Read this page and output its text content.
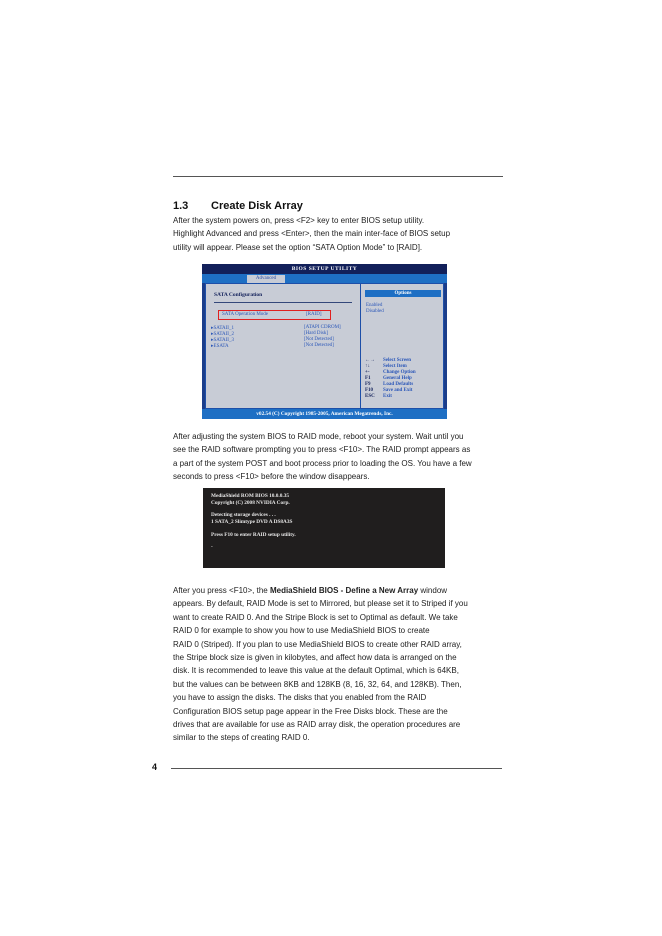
1.3 Create Disk Array
After the system powers on, press <F2> key to enter BIOS setup utility.
Highlight Advanced and press <Enter>, then the main inter-face of BIOS setup
utility will appear. Please set the option “SATA Option Mode” to [RAID].
BIOS SETUP UTILITY
Advanced
SATA Configuration
SATA Operation Mode	[RAID]
▸SATAII_1	[ATAPI CDROM]
▸SATAII_2	[Hard Disk]
▸SATAII_3	[Not Detected]
▸ESATA	[Not Detected]
Options
Enabled
Disabled
←→ Select Screen
↑↓	Select Item
+-	Change Option
F1 General Help
F9 Load Defaults
F10 Save and Exit
ESC Exit
v02.54 (C) Copyright 1985-2005, American Megatrends, Inc.
After adjusting the system BIOS to RAID mode, reboot your system. Wait until you
see the RAID software prompting you to press <F10>. The RAID prompt appears as
a part of the system POST and boot process prior to loading the OS. You have a few
seconds to press <F10> before the window disappears.
MediaShield ROM BIOS 10.0.0.35
Copyright (C) 2008 NVIDIA Corp.
Detecting storage devices . . .
1 SATA_2 Slimtype DVD A DS8A3S
Press F10 to enter RAID setup utility.
-
After you press <F10>, the MediaShield BIOS - Define a New Array window
appears. By default, RAID Mode is set to Mirrored, but please set it to Striped if you
want to create RAID 0. And the Stripe Block is set to Optimal as default. We take
RAID 0 for example to show you how to use MediaShield BIOS to create
RAID 0 (Striped). If you plan to use MediaShield BIOS to create other RAID array,
the Stripe block size is given in kilobytes, and affect how data is arranged on the
disk. It is recommended to leave this value at the default Optimal, which is 64KB,
but the values can be between 8KB and 128KB (8, 16, 32, 64, and 128KB). Then,
you have to assign the disks. The disks that you enabled from the RAID
Configuration BIOS setup page appear in the Free Disks block. These are the
drives that are available for use as RAID array disk, the operation procedures are
similar to the steps of creating RAID 0.
4
